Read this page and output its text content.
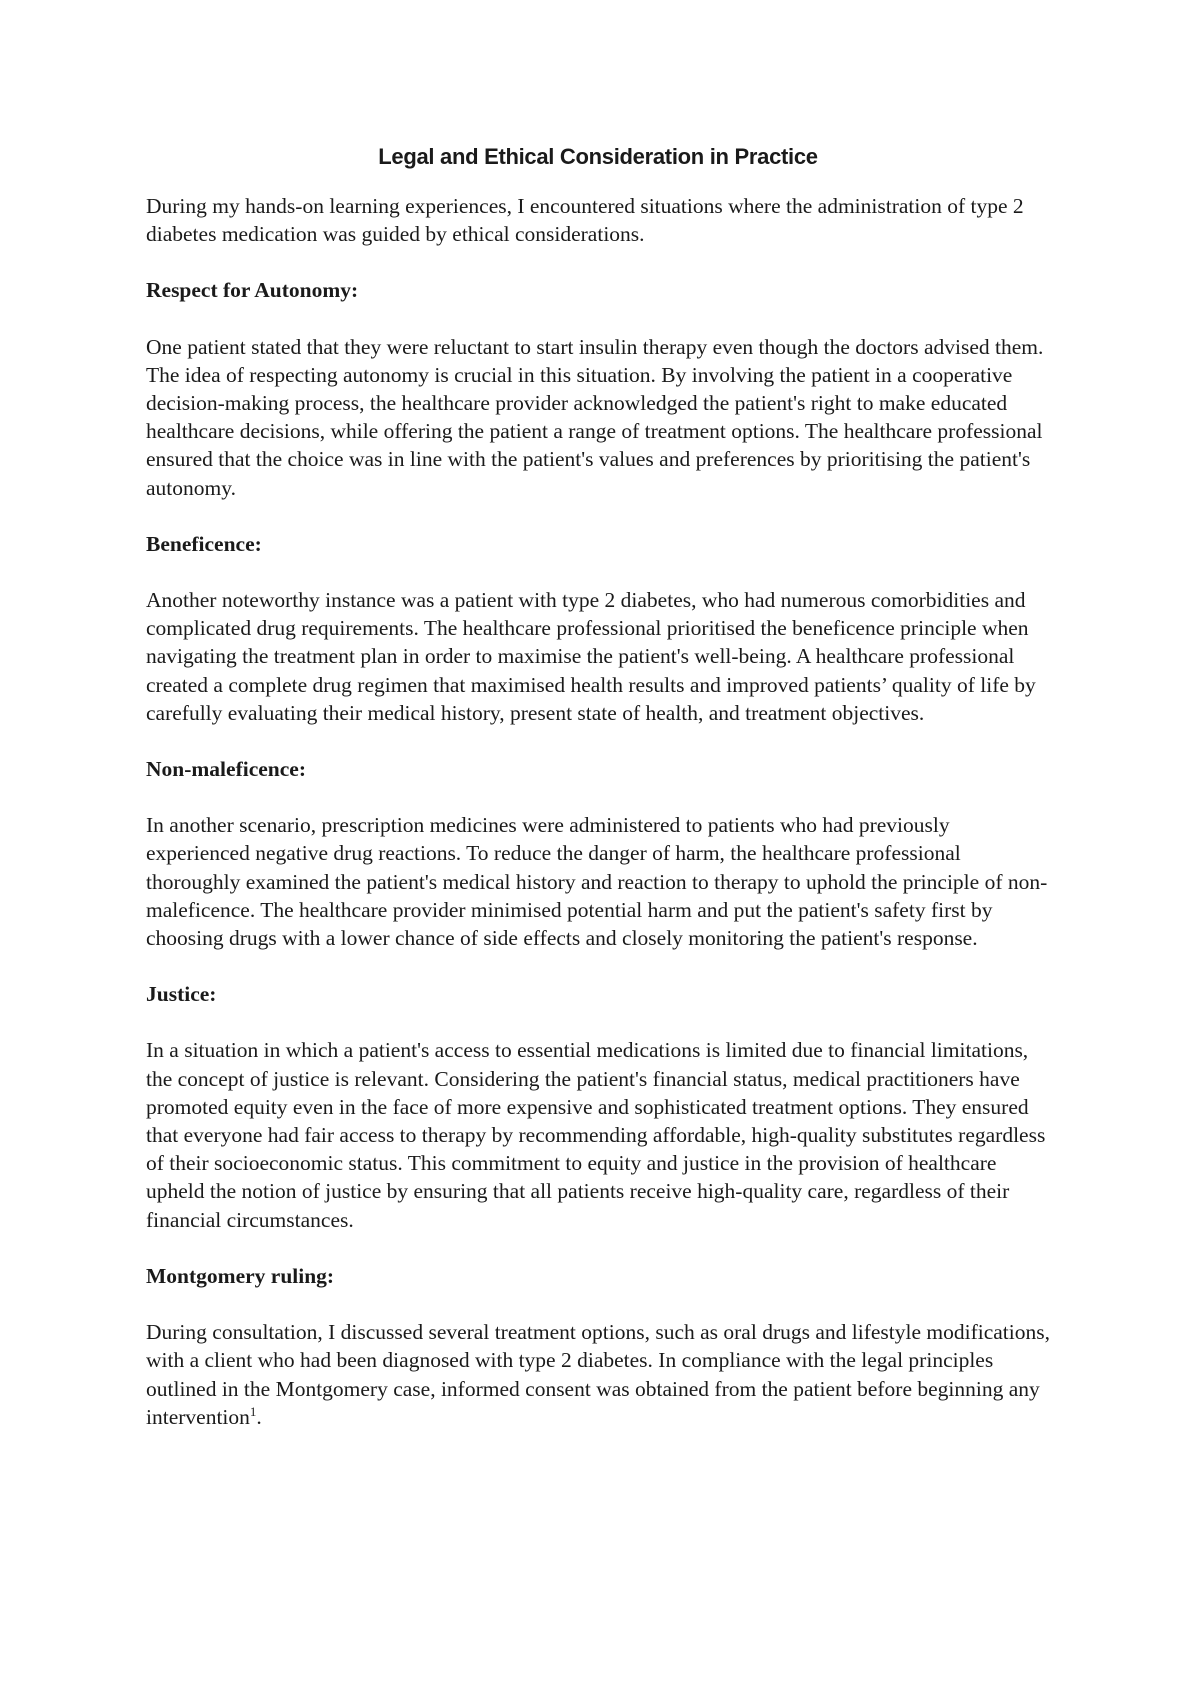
Legal and Ethical Consideration in Practice

During my hands-on learning experiences, I encountered situations where the administration of type 2 diabetes medication was guided by ethical considerations.

Respect for Autonomy:

One patient stated that they were reluctant to start insulin therapy even though the doctors advised them. The idea of respecting autonomy is crucial in this situation. By involving the patient in a cooperative decision-making process, the healthcare provider acknowledged the patient's right to make educated healthcare decisions, while offering the patient a range of treatment options. The healthcare professional ensured that the choice was in line with the patient's values and preferences by prioritising the patient's autonomy.

Beneficence:

Another noteworthy instance was a patient with type 2 diabetes, who had numerous comorbidities and complicated drug requirements. The healthcare professional prioritised the beneficence principle when navigating the treatment plan in order to maximise the patient's well-being. A healthcare professional created a complete drug regimen that maximised health results and improved patients’ quality of life by carefully evaluating their medical history, present state of health, and treatment objectives.

Non-maleficence:

In another scenario, prescription medicines were administered to patients who had previously experienced negative drug reactions. To reduce the danger of harm, the healthcare professional thoroughly examined the patient's medical history and reaction to therapy to uphold the principle of non-maleficence. The healthcare provider minimised potential harm and put the patient's safety first by choosing drugs with a lower chance of side effects and closely monitoring the patient's response.

Justice:

In a situation in which a patient's access to essential medications is limited due to financial limitations, the concept of justice is relevant. Considering the patient's financial status, medical practitioners have promoted equity even in the face of more expensive and sophisticated treatment options. They ensured that everyone had fair access to therapy by recommending affordable, high-quality substitutes regardless of their socioeconomic status. This commitment to equity and justice in the provision of healthcare upheld the notion of justice by ensuring that all patients receive high-quality care, regardless of their financial circumstances.

Montgomery ruling:

During consultation, I discussed several treatment options, such as oral drugs and lifestyle modifications, with a client who had been diagnosed with type 2 diabetes. In compliance with the legal principles outlined in the Montgomery case, informed consent was obtained from the patient before beginning any intervention$^1$.
